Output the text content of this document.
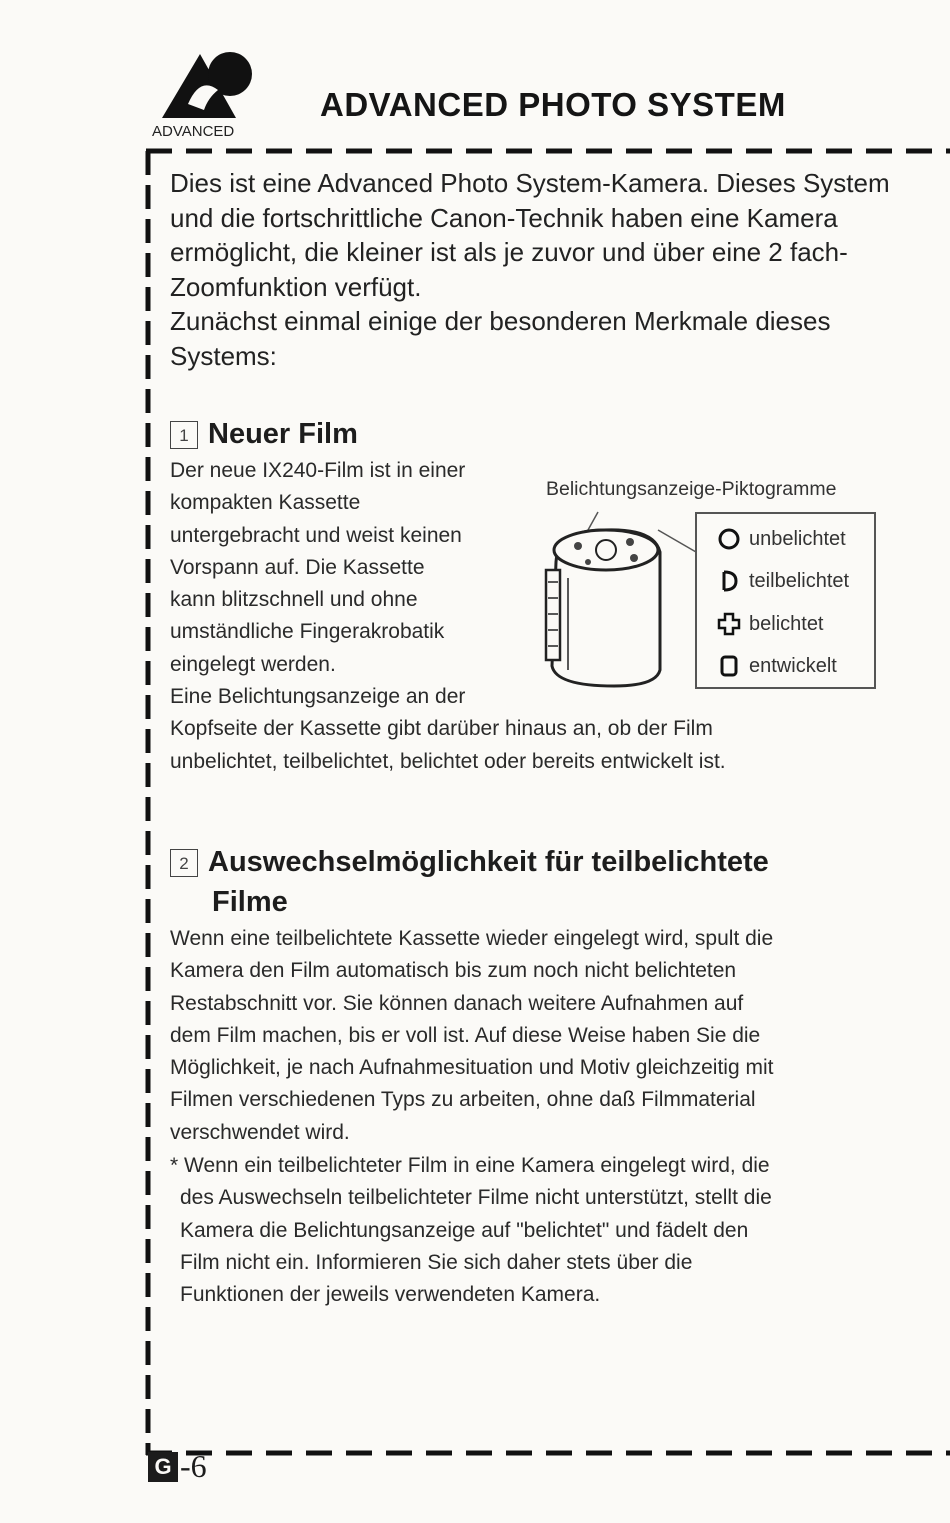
ADVANCED
ADVANCED PHOTO SYSTEM

Dies ist eine Advanced Photo System-Kamera. Dieses System und die fortschrittliche Canon-Technik haben eine Kamera ermöglicht, die kleiner ist als je zuvor und über eine 2 fach-Zoomfunktion verfügt.

Zunächst einmal einige der besonderen Merkmale dieses Systems:

1 Neuer Film
Der neue IX240-Film ist in einer
kompakten Kassette
untergebracht und weist keinen
Vorspann auf. Die Kassette
kann blitzschnell und ohne
umständliche Fingerakrobatik
eingelegt werden.
Eine Belichtungsanzeige an der
Kopfseite der Kassette gibt darüber hinaus an, ob der Film
unbelichtet, teilbelichtet, belichtet oder bereits entwickelt ist.
Belichtungsanzeige-Piktogramme
unbelichtet
teilbelichtet
belichtet
entwickelt
2 Auswechselmöglichkeit für teilbelichtete
Filme
Wenn eine teilbelichtete Kassette wieder eingelegt wird, spult die
Kamera den Film automatisch bis zum noch nicht belichteten
Restabschnitt vor. Sie können danach weitere Aufnahmen auf
dem Film machen, bis er voll ist. Auf diese Weise haben Sie die
Möglichkeit, je nach Aufnahmesituation und Motiv gleichzeitig mit
Filmen verschiedenen Typs zu arbeiten, ohne daß Filmmaterial
verschwendet wird.
* Wenn ein teilbelichteter Film in eine Kamera eingelegt wird, die
des Auswechseln teilbelichteter Filme nicht unterstützt, stellt die
Kamera die Belichtungsanzeige auf "belichtet" und fädelt den
Film nicht ein. Informieren Sie sich daher stets über die
Funktionen der jeweils verwendeten Kamera.
G -6
